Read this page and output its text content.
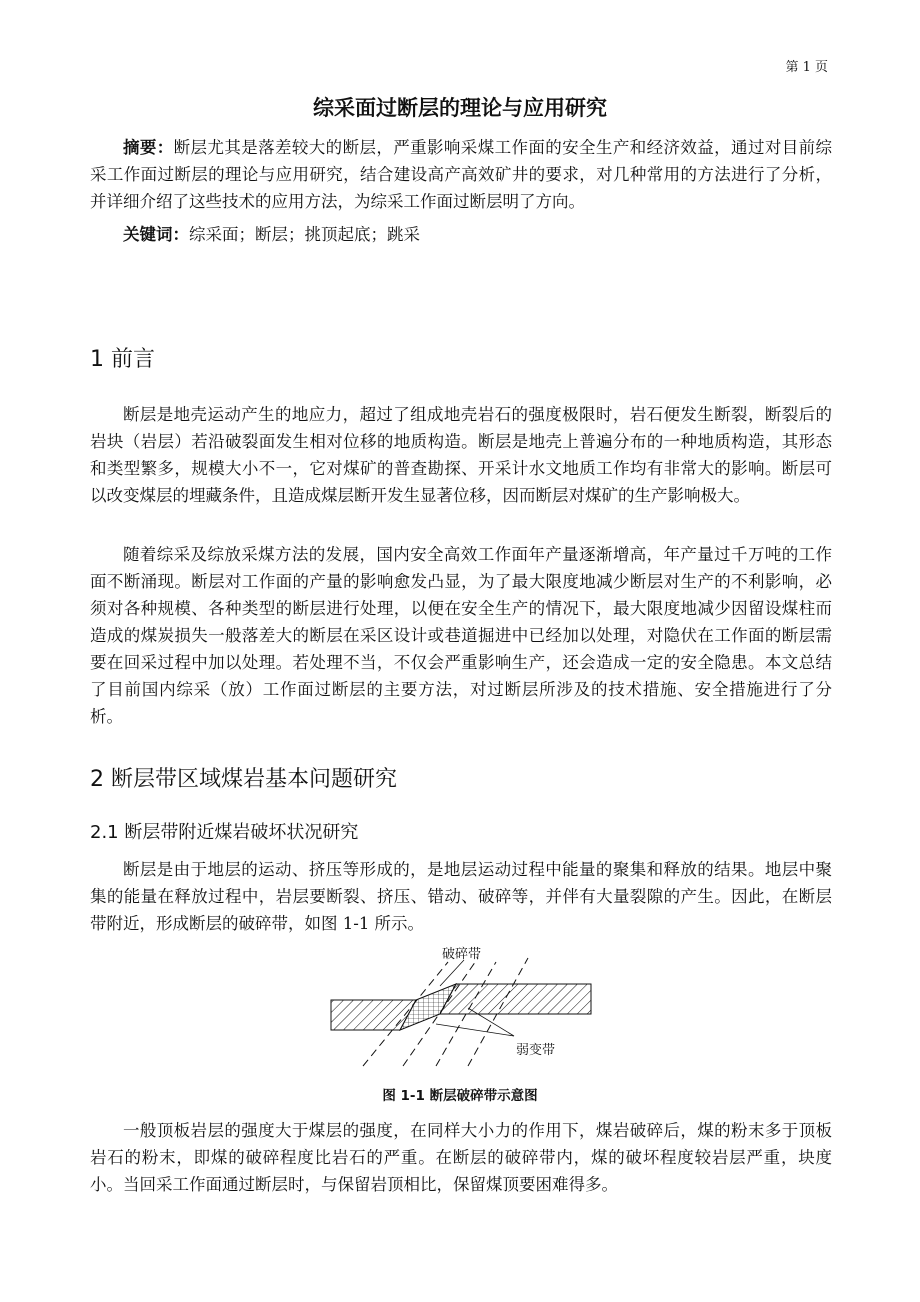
第 1 页
综采面过断层的理论与应用研究

摘要：断层尤其是落差较大的断层，严重影响采煤工作面的安全生产和经济效益，通过对目前综采工作面过断层的理论与应用研究，结合建设高产高效矿井的要求，对几种常用的方法进行了分析，并详细介绍了这些技术的应用方法，为综采工作面过断层明了方向。

关键词：综采面；断层；挑顶起底；跳采

1 前言

断层是地壳运动产生的地应力，超过了组成地壳岩石的强度极限时，岩石便发生断裂，断裂后的岩块（岩层）若沿破裂面发生相对位移的地质构造。断层是地壳上普遍分布的一种地质构造，其形态和类型繁多，规模大小不一，它对煤矿的普查勘探、开采计水文地质工作均有非常大的影响。断层可以改变煤层的埋藏条件，且造成煤层断开发生显著位移，因而断层对煤矿的生产影响极大。

随着综采及综放采煤方法的发展，国内安全高效工作面年产量逐渐增高，年产量过千万吨的工作面不断涌现。断层对工作面的产量的影响愈发凸显，为了最大限度地减少断层对生产的不利影响，必须对各种规模、各种类型的断层进行处理，以便在安全生产的情况下，最大限度地减少因留设煤柱而造成的煤炭损失一般落差大的断层在采区设计或巷道掘进中已经加以处理，对隐伏在工作面的断层需要在回采过程中加以处理。若处理不当，不仅会严重影响生产，还会造成一定的安全隐患。本文总结了目前国内综采（放）工作面过断层的主要方法，对过断层所涉及的技术措施、安全措施进行了分析。

2 断层带区域煤岩基本问题研究
2.1 断层带附近煤岩破坏状况研究

断层是由于地层的运动、挤压等形成的，是地层运动过程中能量的聚集和释放的结果。地层中聚集的能量在释放过程中，岩层要断裂、挤压、错动、破碎等，并伴有大量裂隙的产生。因此，在断层带附近，形成断层的破碎带，如图 1-1 所示。

破碎带
弱变带
图 1-1 断层破碎带示意图

一般顶板岩层的强度大于煤层的强度，在同样大小力的作用下，煤岩破碎后，煤的粉末多于顶板岩石的粉末，即煤的破碎程度比岩石的严重。在断层的破碎带内，煤的破坏程度较岩层严重，块度小。当回采工作面通过断层时，与保留岩顶相比，保留煤顶要困难得多。
